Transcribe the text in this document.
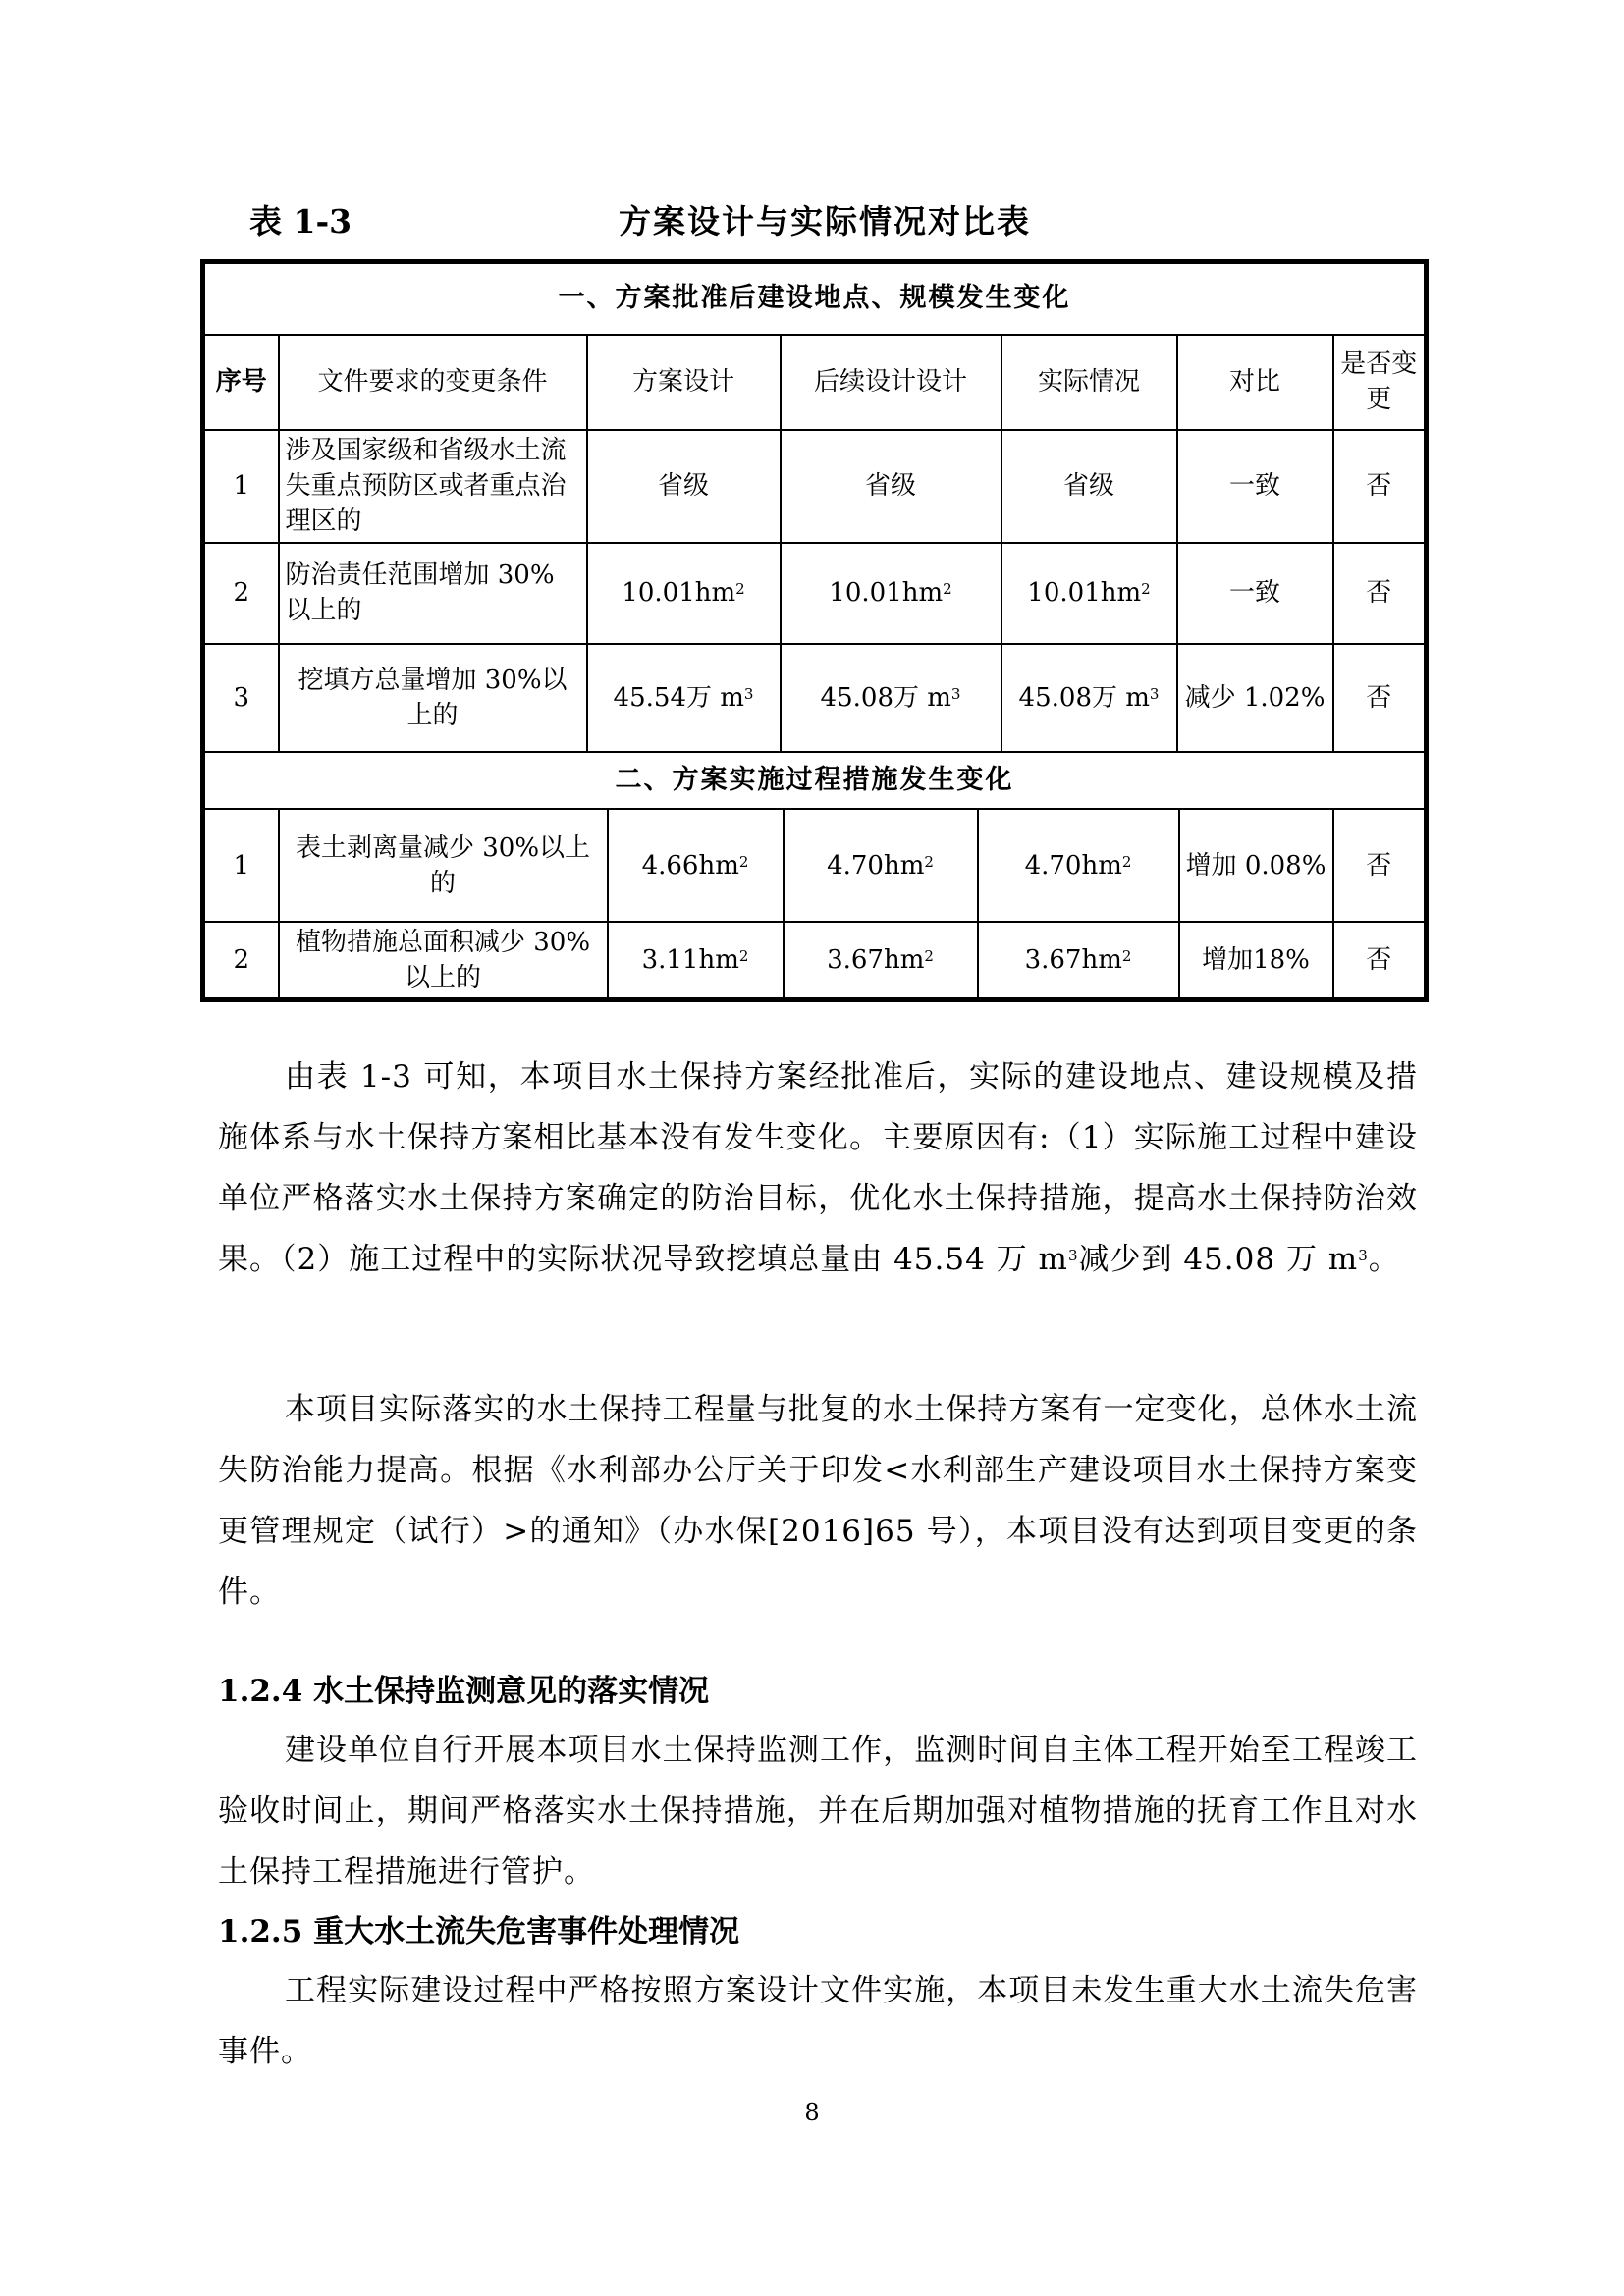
表 1-3	方案设计与实际情况对比表
一、方案批准后建设地点、规模发生变化						
序号	文件要求的变更条件	方案设计	后续设计设计	实际情况	对比	是否变更
1	涉及国家级和省级水土流失重点预防区或者重点治理区的	省级	省级	省级	一致	否
2	防治责任范围增加 30%以上的	$10.01hm^2$	$10.01hm^2$	$10.01hm^2$	一致	否
3	挖填方总量增加 30%以上的	45.54万 $m^3$	45.08万 $m^3$	45.08万 $m^3$	减少 1.02%	否
二、方案实施过程措施发生变化						
1	表土剥离量减少 30%以上的	$4.66hm^2$	$4.70hm^2$	$4.70hm^2$	增加 0.08%	否
2	植物措施总面积减少 30%以上的	$3.11hm^2$	$3.67hm^2$	$3.67hm^2$	增加18%	否

由表 1-3 可知，本项目水土保持方案经批准后，实际的建设地点、建设规模及措施体系与水土保持方案相比基本没有发生变化。主要原因有:（1）实际施工过程中建设单位严格落实水土保持方案确定的防治目标，优化水土保持措施，提高水土保持防治效果。（2）施工过程中的实际状况导致挖填总量由 45.54 万 $m^3$减少到 45.08 万 $m^3$。

本项目实际落实的水土保持工程量与批复的水土保持方案有一定变化，总体水土流失防治能力提高。根据《水利部办公厅关于印发<水利部生产建设项目水土保持方案变更管理规定（试行）>的通知》（办水保[2016]65 号），本项目没有达到项目变更的条件。

1.2.4 水土保持监测意见的落实情况

建设单位自行开展本项目水土保持监测工作，监测时间自主体工程开始至工程竣工验收时间止，期间严格落实水土保持措施，并在后期加强对植物措施的抚育工作且对水土保持工程措施进行管护。

1.2.5 重大水土流失危害事件处理情况

工程实际建设过程中严格按照方案设计文件实施，本项目未发生重大水土流失危害事件。

8
